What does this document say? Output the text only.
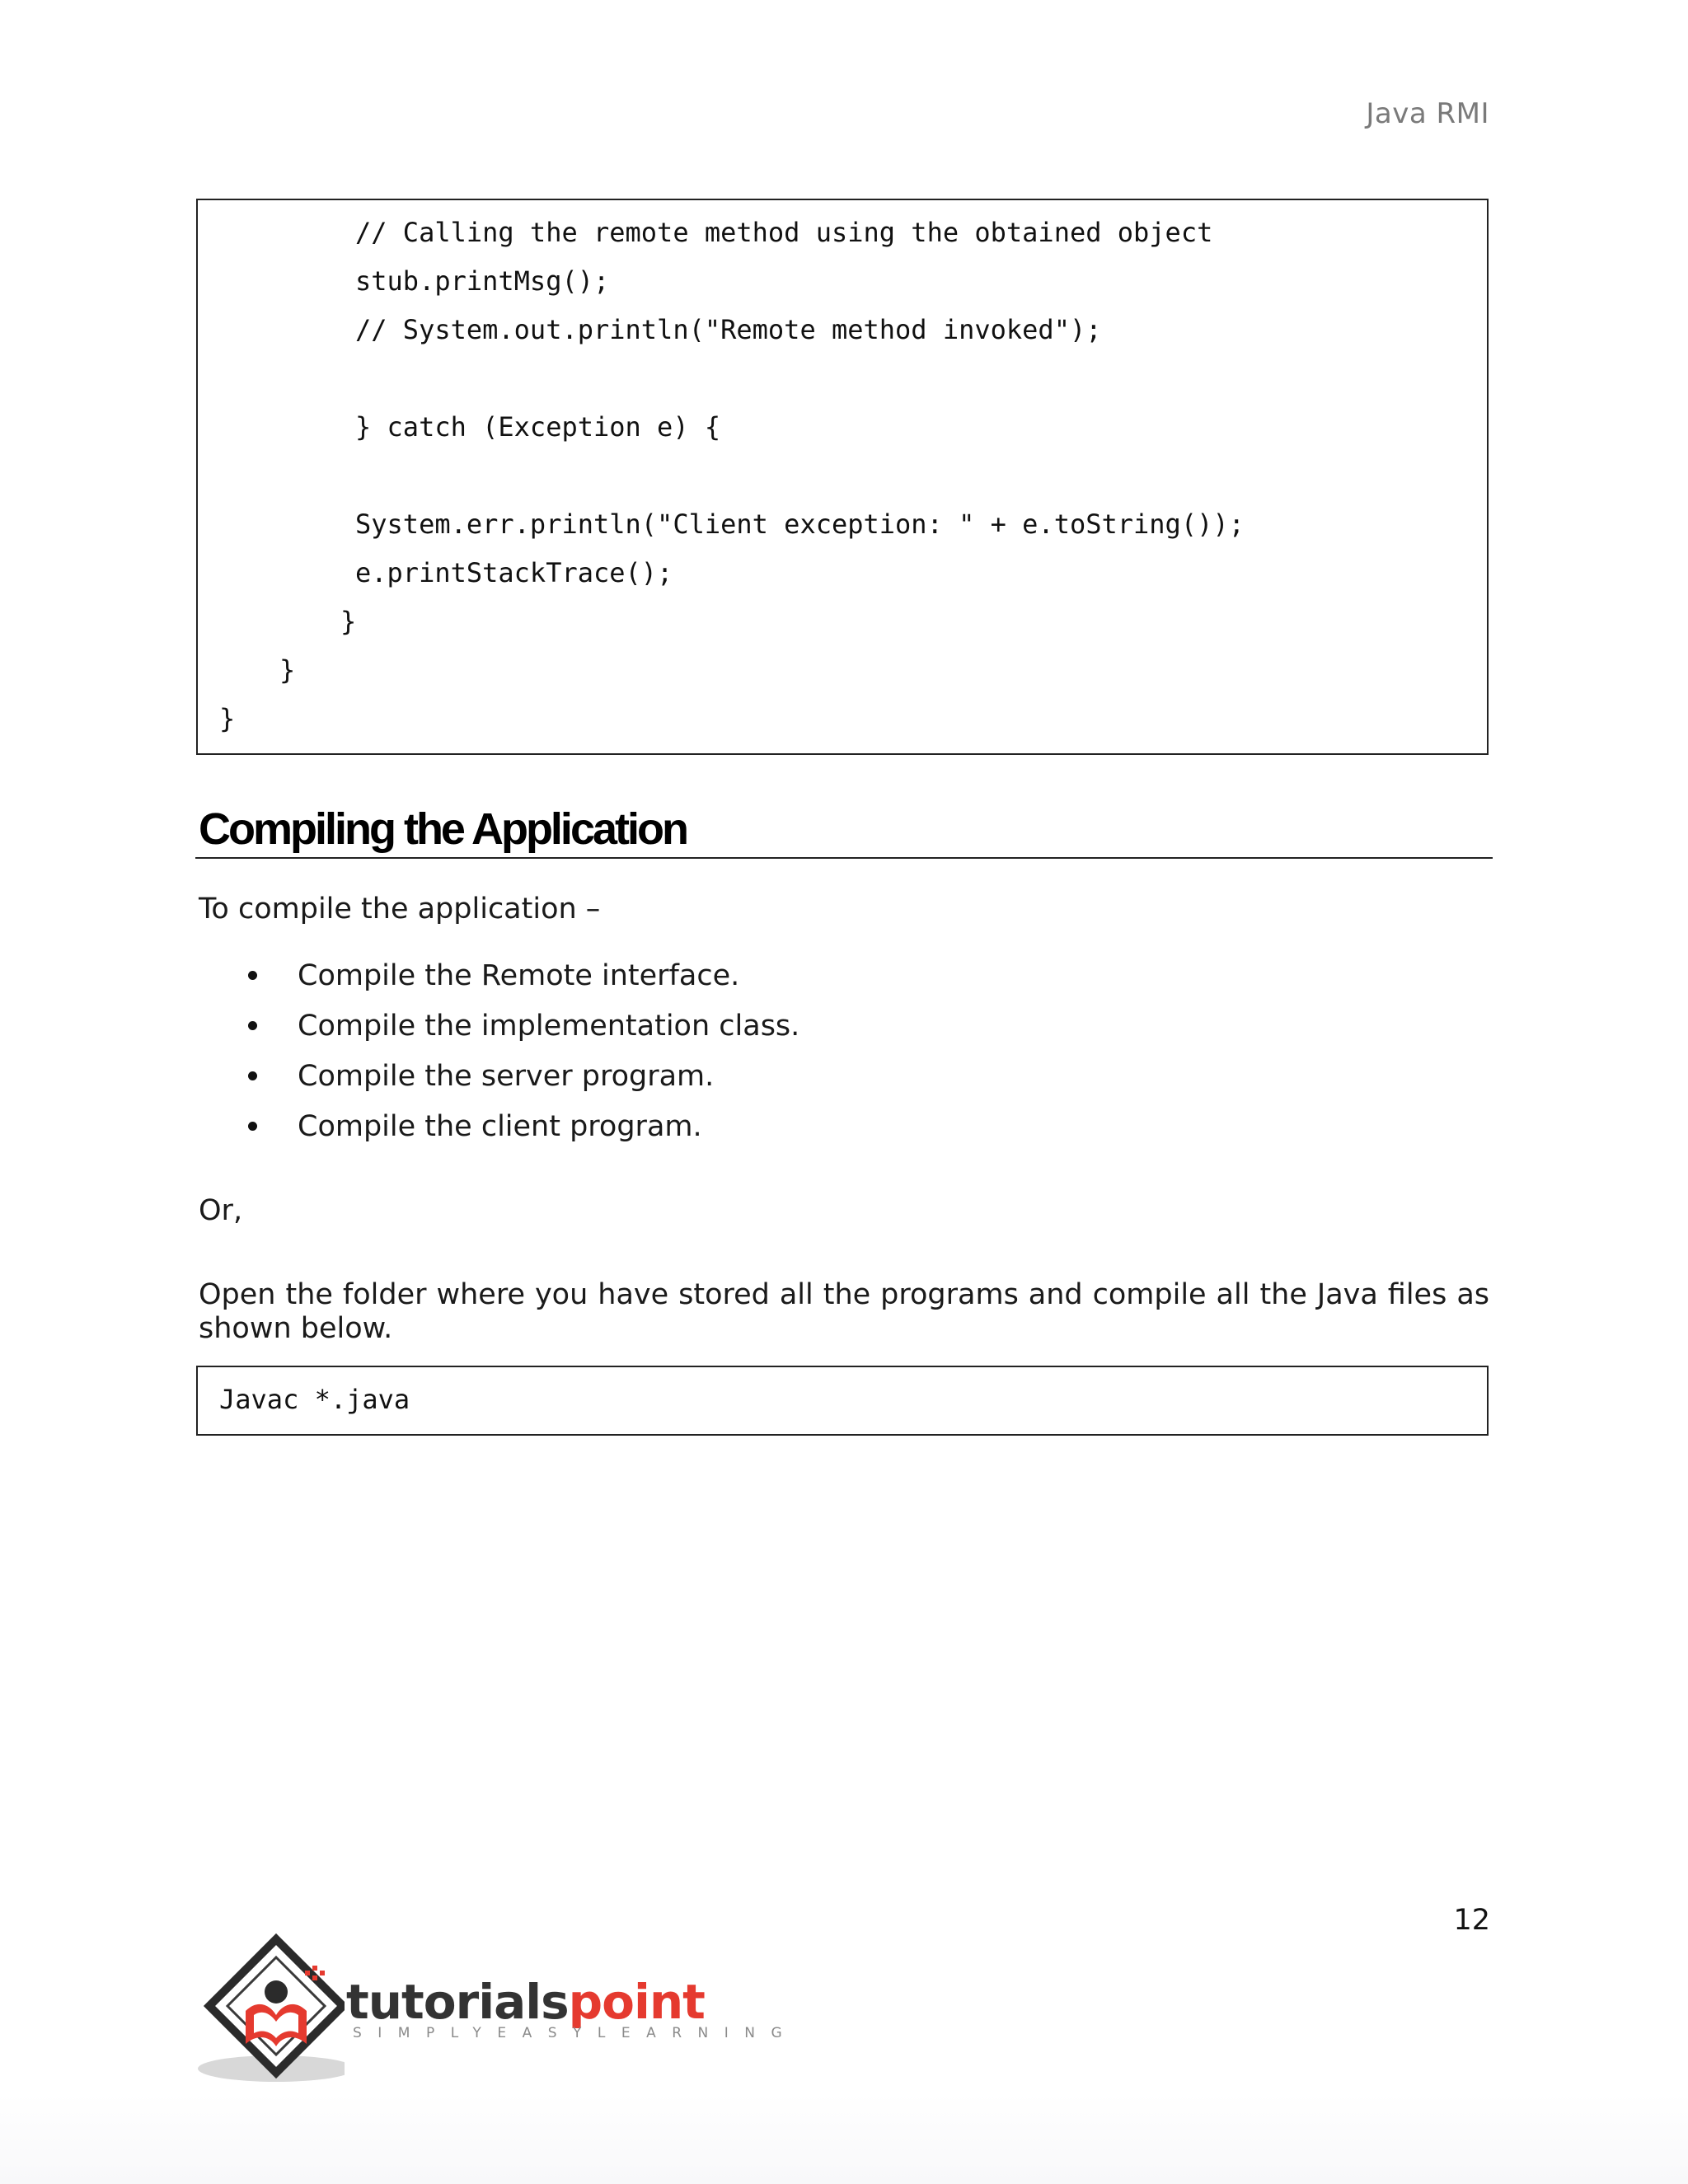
Java RMI
// Calling the remote method using the obtained object
stub.printMsg();
// System.out.println("Remote method invoked");
} catch (Exception e) {
System.err.println("Client exception: " + e.toString());
e.printStackTrace();
}
}
}
Compiling the Application
To compile the application –
Compile the Remote interface.
Compile the implementation class.
Compile the server program.
Compile the client program.
Or,
Open the folder where you have stored all the programs and compile all the Java files as shown below.
Javac *.java
12
tutorialspoint
SIMPLYEASYLEARNING
